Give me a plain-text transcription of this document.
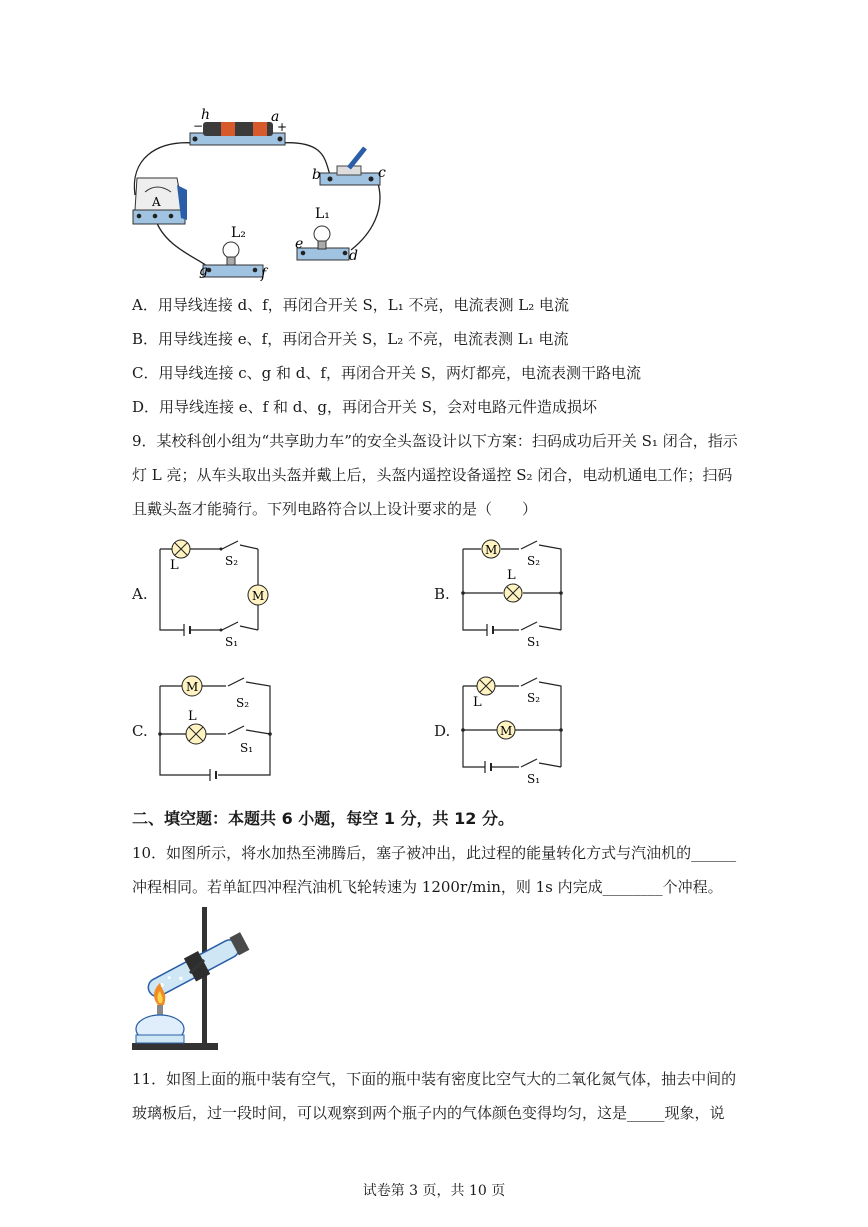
h	a
−	+
b	c
A
L₁
e
d
L₂
g	f
A．用导线连接 d、f，再闭合开关 S，L₁ 不亮，电流表测 L₂ 电流
B．用导线连接 e、f，再闭合开关 S，L₂ 不亮，电流表测 L₁ 电流
C．用导线连接 c、g 和 d、f，再闭合开关 S，两灯都亮，电流表测干路电流
D．用导线连接 e、f 和 d、g，再闭合开关 S，会对电路元件造成损坏
9．某校科创小组为“共享助力车”的安全头盔设计以下方案：扫码成功后开关 S₁ 闭合，指示
灯 L 亮；从车头取出头盔并戴上后，头盔内遥控设备遥控 S₂ 闭合，电动机通电工作；扫码
且戴头盔才能骑行。下列电路符合以上设计要求的是（　　）
A.	M
L	S₂
S₁
B.
M
L
S₂
S₁
C.
M
L
S₂
S₁
D.	M
L	S₂
S₁
二、填空题：本题共 6 小题，每空 1 分，共 12 分。
10．如图所示，将水加热至沸腾后，塞子被冲出，此过程的能量转化方式与汽油机的______
冲程相同。若单缸四冲程汽油机飞轮转速为 1200r/min，则 1s 内完成________个冲程。
11．如图上面的瓶中装有空气，下面的瓶中装有密度比空气大的二氧化氮气体，抽去中间的
玻璃板后，过一段时间，可以观察到两个瓶子内的气体颜色变得均匀，这是_____现象，说
试卷第 3 页，共 10 页
